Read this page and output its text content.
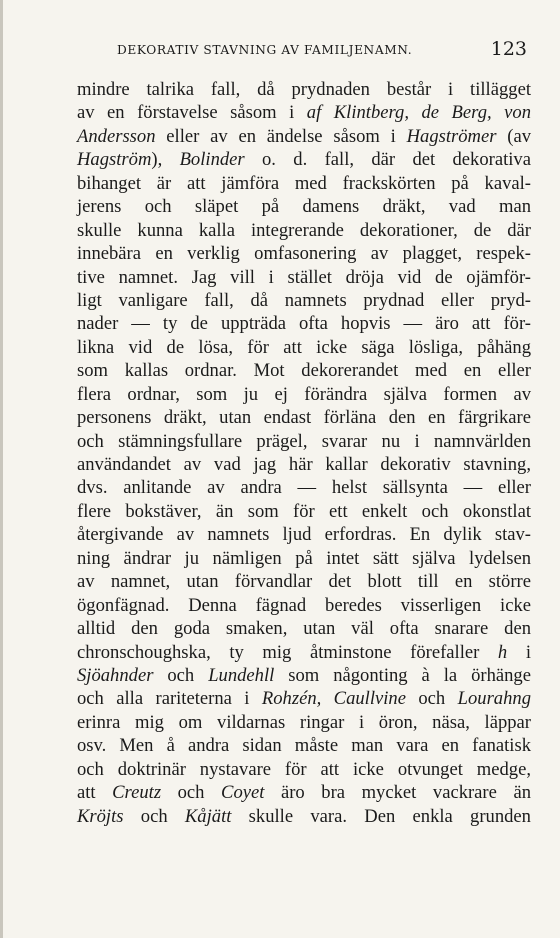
DEKORATIV STAVNING AV FAMILJENAMN.	123
mindre talrika fall, då prydnaden består i tillägget
av en förstavelse såsom i af Klintberg, de Berg, von
Andersson eller av en ändelse såsom i Hagströmer (av
Hagström), Bolinder o. d. fall, där det dekorativa
bihanget är att jämföra med frackskörten på kaval-
jerens och släpet på damens dräkt, vad man
skulle kunna kalla integrerande dekorationer, de där
innebära en verklig omfasonering av plagget, respek-
tive namnet. Jag vill i stället dröja vid de ojämför-
ligt vanligare fall, då namnets prydnad eller pryd-
nader — ty de uppträda ofta hopvis — äro att för-
likna vid de lösa, för att icke säga lösliga, påhäng
som kallas ordnar. Mot dekorerandet med en eller
flera ordnar, som ju ej förändra själva formen av
personens dräkt, utan endast förläna den en färgrikare
och stämningsfullare prägel, svarar nu i namnvärlden
användandet av vad jag här kallar dekorativ stavning,
dvs. anlitande av andra — helst sällsynta — eller
flere bokstäver, än som för ett enkelt och okonstlat
återgivande av namnets ljud erfordras. En dylik stav-
ning ändrar ju nämligen på intet sätt själva lydelsen
av namnet, utan förvandlar det blott till en större
ögonfägnad. Denna fägnad beredes visserligen icke
alltid den goda smaken, utan väl ofta snarare den
chronschoughska, ty mig åtminstone förefaller h i
Sjöahnder och Lundehll som någonting à la örhänge
och alla rariteterna i Rohzén, Caullvine och Lourahng
erinra mig om vildarnas ringar i öron, näsa, läppar
osv. Men å andra sidan måste man vara en fanatisk
och doktrinär nystavare för att icke otvunget medge,
att Creutz och Coyet äro bra mycket vackrare än
Kröjts och Kåjätt skulle vara. Den enkla grunden
